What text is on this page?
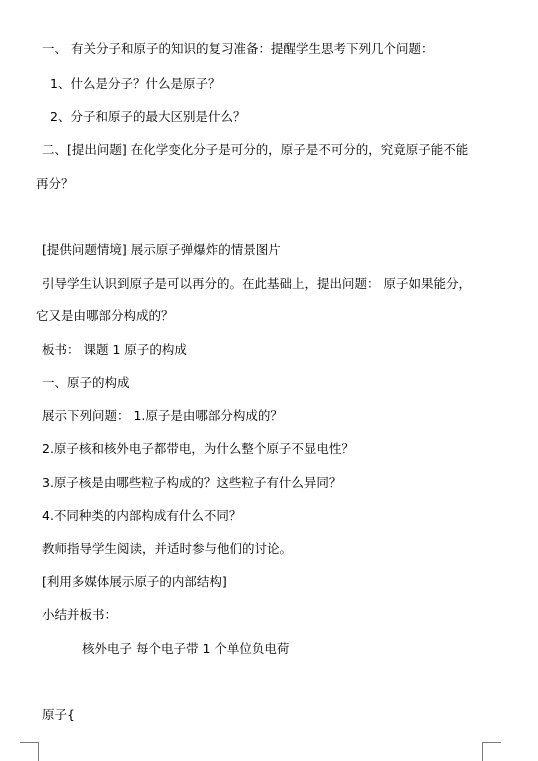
一、 有关分子和原子的知识的复习准备：提醒学生思考下列几个问题：
1、什么是分子？什么是原子？
2、分子和原子的最大区别是什么？
二、[提出问题] 在化学变化分子是可分的，原子是不可分的，究竟原子能不能
再分？
[提供问题情境] 展示原子弹爆炸的情景图片
引导学生认识到原子是可以再分的。在此基础上，提出问题： 原子如果能分，
它又是由哪部分构成的？
板书： 课题 1 原子的构成
一、原子的构成
展示下列问题： 1.原子是由哪部分构成的？
2.原子核和核外电子都带电，为什么整个原子不显电性？
3.原子核是由哪些粒子构成的？这些粒子有什么异同？
4.不同种类的内部构成有什么不同？
教师指导学生阅读，并适时参与他们的讨论。
[利用多媒体展示原子的内部结构]
小结并板书：
核外电子 每个电子带 1 个单位负电荷
原子{
